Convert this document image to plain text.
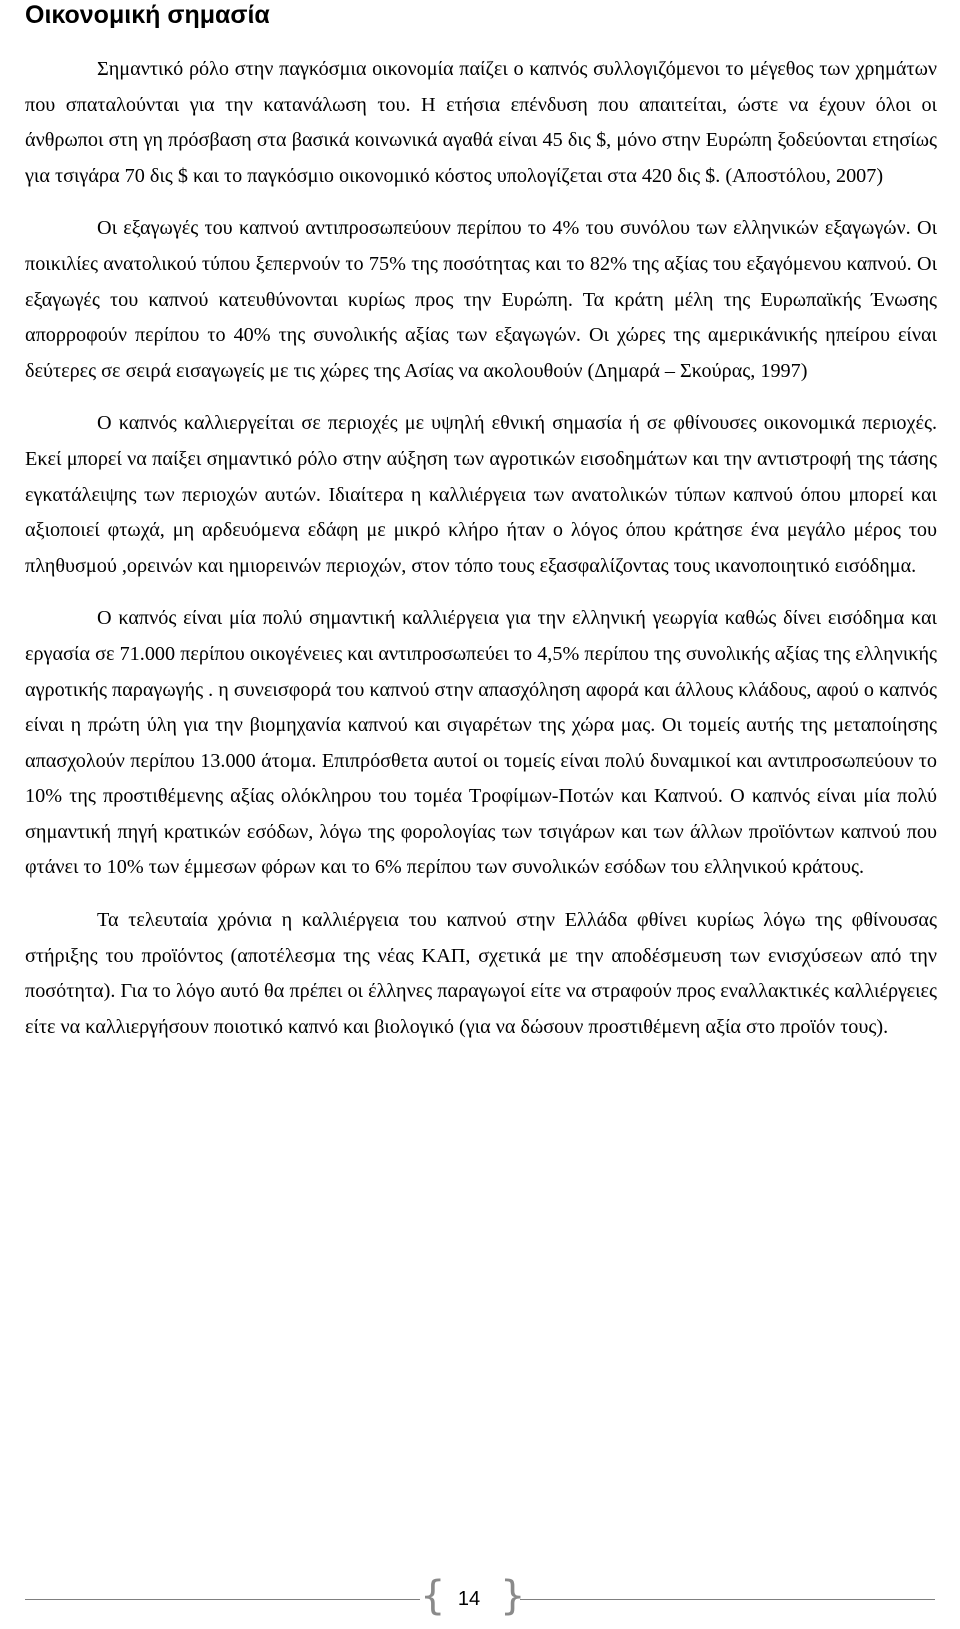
Οικονομική σημασία

Σημαντικό ρόλο στην παγκόσμια οικονομία παίζει ο καπνός συλλογιζόμενοι το μέγεθος των χρημάτων που σπαταλούνται για την κατανάλωση του. Η ετήσια επένδυση που απαιτείται, ώστε να έχουν όλοι οι άνθρωποι στη γη πρόσβαση στα βασικά κοινωνικά αγαθά είναι 45 δις $, μόνο στην Ευρώπη ξοδεύονται ετησίως για τσιγάρα 70 δις $ και το παγκόσμιο οικονομικό κόστος υπολογίζεται στα 420 δις $. (Αποστόλου, 2007)

Οι εξαγωγές του καπνού αντιπροσωπεύουν περίπου το 4% του συνόλου των ελληνικών εξαγωγών. Οι ποικιλίες ανατολικού τύπου ξεπερνούν το 75% της ποσότητας και το 82% της αξίας του εξαγόμενου καπνού. Οι εξαγωγές του καπνού κατευθύνονται κυρίως προς την Ευρώπη. Τα κράτη μέλη της Ευρωπαϊκής Ένωσης απορροφούν περίπου το 40% της συνολικής αξίας των εξαγωγών. Οι χώρες της αμερικάνικής ηπείρου είναι δεύτερες σε σειρά εισαγωγείς με τις χώρες της Ασίας να ακολουθούν (Δημαρά – Σκούρας, 1997)

Ο καπνός καλλιεργείται σε περιοχές με υψηλή εθνική σημασία ή σε φθίνουσες οικονομικά περιοχές. Εκεί μπορεί να παίξει σημαντικό ρόλο στην αύξηση των αγροτικών εισοδημάτων και την αντιστροφή της τάσης εγκατάλειψης των περιοχών αυτών. Ιδιαίτερα η καλλιέργεια των ανατολικών τύπων καπνού όπου μπορεί και αξιοποιεί φτωχά, μη αρδευόμενα εδάφη με μικρό κλήρο ήταν ο λόγος όπου κράτησε ένα μεγάλο μέρος του πληθυσμού ,ορεινών και ημιορεινών περιοχών, στον τόπο τους εξασφαλίζοντας τους ικανοποιητικό εισόδημα.

Ο καπνός είναι μία πολύ σημαντική καλλιέργεια για την ελληνική γεωργία καθώς δίνει εισόδημα και εργασία σε 71.000 περίπου οικογένειες και αντιπροσωπεύει το 4,5% περίπου της συνολικής αξίας της ελληνικής αγροτικής παραγωγής . η συνεισφορά του καπνού στην απασχόληση αφορά και άλλους κλάδους, αφού ο καπνός είναι η πρώτη ύλη για την βιομηχανία καπνού και σιγαρέτων της χώρα μας. Οι τομείς αυτής της μεταποίησης απασχολούν περίπου 13.000 άτομα. Επιπρόσθετα αυτοί οι τομείς είναι πολύ δυναμικοί και αντιπροσωπεύουν το 10% της προστιθέμενης αξίας ολόκληρου του τομέα Τροφίμων-Ποτών και Καπνού. Ο καπνός είναι μία πολύ σημαντική πηγή κρατικών εσόδων, λόγω της φορολογίας των τσιγάρων και των άλλων προϊόντων καπνού που φτάνει το 10% των έμμεσων φόρων και το 6% περίπου των συνολικών εσόδων του ελληνικού κράτους.

Τα τελευταία χρόνια η καλλιέργεια του καπνού στην Ελλάδα φθίνει κυρίως λόγω της φθίνουσας στήριξης του προϊόντος (αποτέλεσμα της νέας ΚΑΠ, σχετικά με την αποδέσμευση των ενισχύσεων από την ποσότητα). Για το λόγο αυτό θα πρέπει οι έλληνες παραγωγοί είτε να στραφούν προς εναλλακτικές καλλιέργειες είτε να καλλιεργήσουν ποιοτικό καπνό και βιολογικό (για να δώσουν προστιθέμενη αξία στο προϊόν τους).

{ 14 }
